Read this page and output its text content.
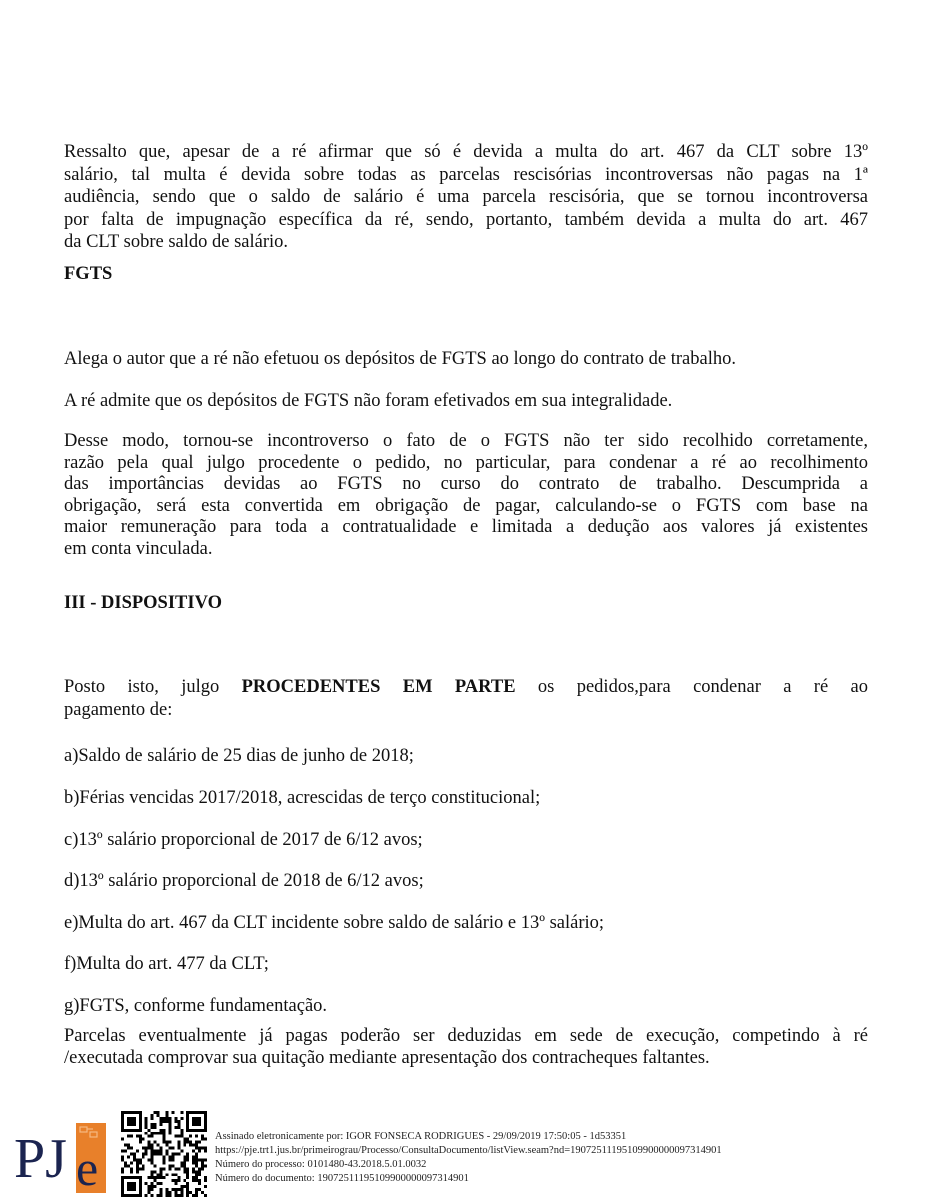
Ressalto que, apesar de a ré afirmar que só é devida a multa do art. 467 da CLT sobre 13º
salário, tal multa é devida sobre todas as parcelas rescisórias incontroversas não pagas na 1ª
audiência, sendo que o saldo de salário é uma parcela rescisória, que se tornou incontroversa
por falta de impugnação específica da ré, sendo, portanto, também devida a multa do art. 467
da CLT sobre saldo de salário.
FGTS
Alega o autor que a ré não efetuou os depósitos de FGTS ao longo do contrato de trabalho.
A ré admite que os depósitos de FGTS não foram efetivados em sua integralidade.
Desse modo, tornou-se incontroverso o fato de o FGTS não ter sido recolhido corretamente,
razão pela qual julgo procedente o pedido, no particular, para condenar a ré ao recolhimento
das importâncias devidas ao FGTS no curso do contrato de trabalho. Descumprida a
obrigação, será esta convertida em obrigação de pagar, calculando-se o FGTS com base na
maior remuneração para toda a contratualidade e limitada a dedução aos valores já existentes
em conta vinculada.
III - DISPOSITIVO
Posto isto, julgo PROCEDENTES EM PARTE os pedidos,para condenar a ré ao
pagamento de:
a)Saldo de salário de 25 dias de junho de 2018;
b)Férias vencidas 2017/2018, acrescidas de terço constitucional;
c)13º salário proporcional de 2017 de 6/12 avos;
d)13º salário proporcional de 2018 de 6/12 avos;
e)Multa do art. 467 da CLT incidente sobre saldo de salário e 13º salário;
f)Multa do art. 477 da CLT;
g)FGTS, conforme fundamentação.
Parcelas eventualmente já pagas poderão ser deduzidas em sede de execução, competindo à ré
/executada comprovar sua quitação mediante apresentação dos contracheques faltantes.
PJ e
Assinado eletronicamente por: IGOR FONSECA RODRIGUES - 29/09/2019 17:50:05 - 1d53351
https://pje.trt1.jus.br/primeirograu/Processo/ConsultaDocumento/listView.seam?nd=19072511195109900000097314901
Número do processo: 0101480-43.2018.5.01.0032
Número do documento: 19072511195109900000097314901
